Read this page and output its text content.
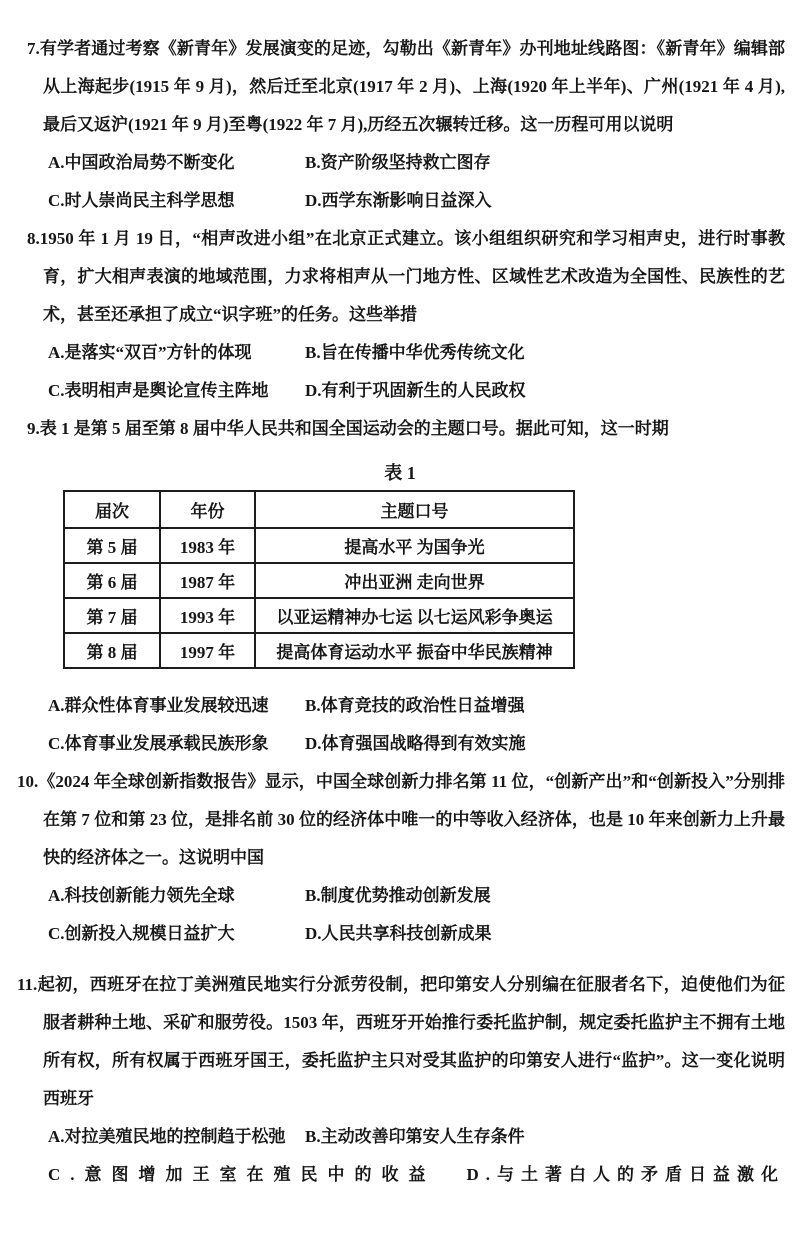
7.有学者通过考察《新青年》发展演变的足迹，勾勒出《新青年》办刊地址线路图：《新青年》编辑部从上海起步(1915 年 9 月)，然后迁至北京(1917 年 2 月)、上海(1920 年上半年)、广州(1921 年 4 月),最后又返沪(1921 年 9 月)至粤(1922 年 7 月),历经五次辗转迁移。这一历程可用以说明

A.中国政治局势不断变化	B.资产阶级坚持救亡图存
C.时人崇尚民主科学思想	D.西学东渐影响日益深入

8.1950 年 1 月 19 日，“相声改进小组”在北京正式建立。该小组组织研究和学习相声史，进行时事教育，扩大相声表演的地域范围，力求将相声从一门地方性、区域性艺术改造为全国性、民族性的艺术，甚至还承担了成立“识字班”的任务。这些举措

A.是落实“双百”方针的体现	B.旨在传播中华优秀传统文化
C.表明相声是舆论宣传主阵地	D.有利于巩固新生的人民政权

9.表 1 是第 5 届至第 8 届中华人民共和国全国运动会的主题口号。据此可知，这一时期

表 1
届次	年份	主题口号
第 5 届	1983 年	提高水平 为国争光
第 6 届	1987 年	冲出亚洲 走向世界
第 7 届	1993 年	以亚运精神办七运 以七运风彩争奥运
第 8 届	1997 年	提高体育运动水平 振奋中华民族精神
A.群众性体育事业发展较迅速	B.体育竞技的政治性日益增强
C.体育事业发展承载民族形象	D.体育强国战略得到有效实施

10.《2024 年全球创新指数报告》显示，中国全球创新力排名第 11 位，“创新产出”和“创新投入”分别排在第 7 位和第 23 位，是排名前 30 位的经济体中唯一的中等收入经济体，也是 10 年来创新力上升最快的经济体之一。这说明中国

A.科技创新能力领先全球	B.制度优势推动创新发展
C.创新投入规模日益扩大	D.人民共享科技创新成果

11.起初，西班牙在拉丁美洲殖民地实行分派劳役制，把印第安人分别编在征服者名下，迫使他们为征服者耕种土地、采矿和服劳役。1503 年，西班牙开始推行委托监护制，规定委托监护主不拥有土地所有权，所有权属于西班牙国王，委托监护主只对受其监护的印第安人进行“监护”。这一变化说明西班牙

A.对拉美殖民地的控制趋于松弛	B.主动改善印第安人生存条件
C.意图增加王室在殖民中的收益 D.与土著白人的矛盾日益激化
